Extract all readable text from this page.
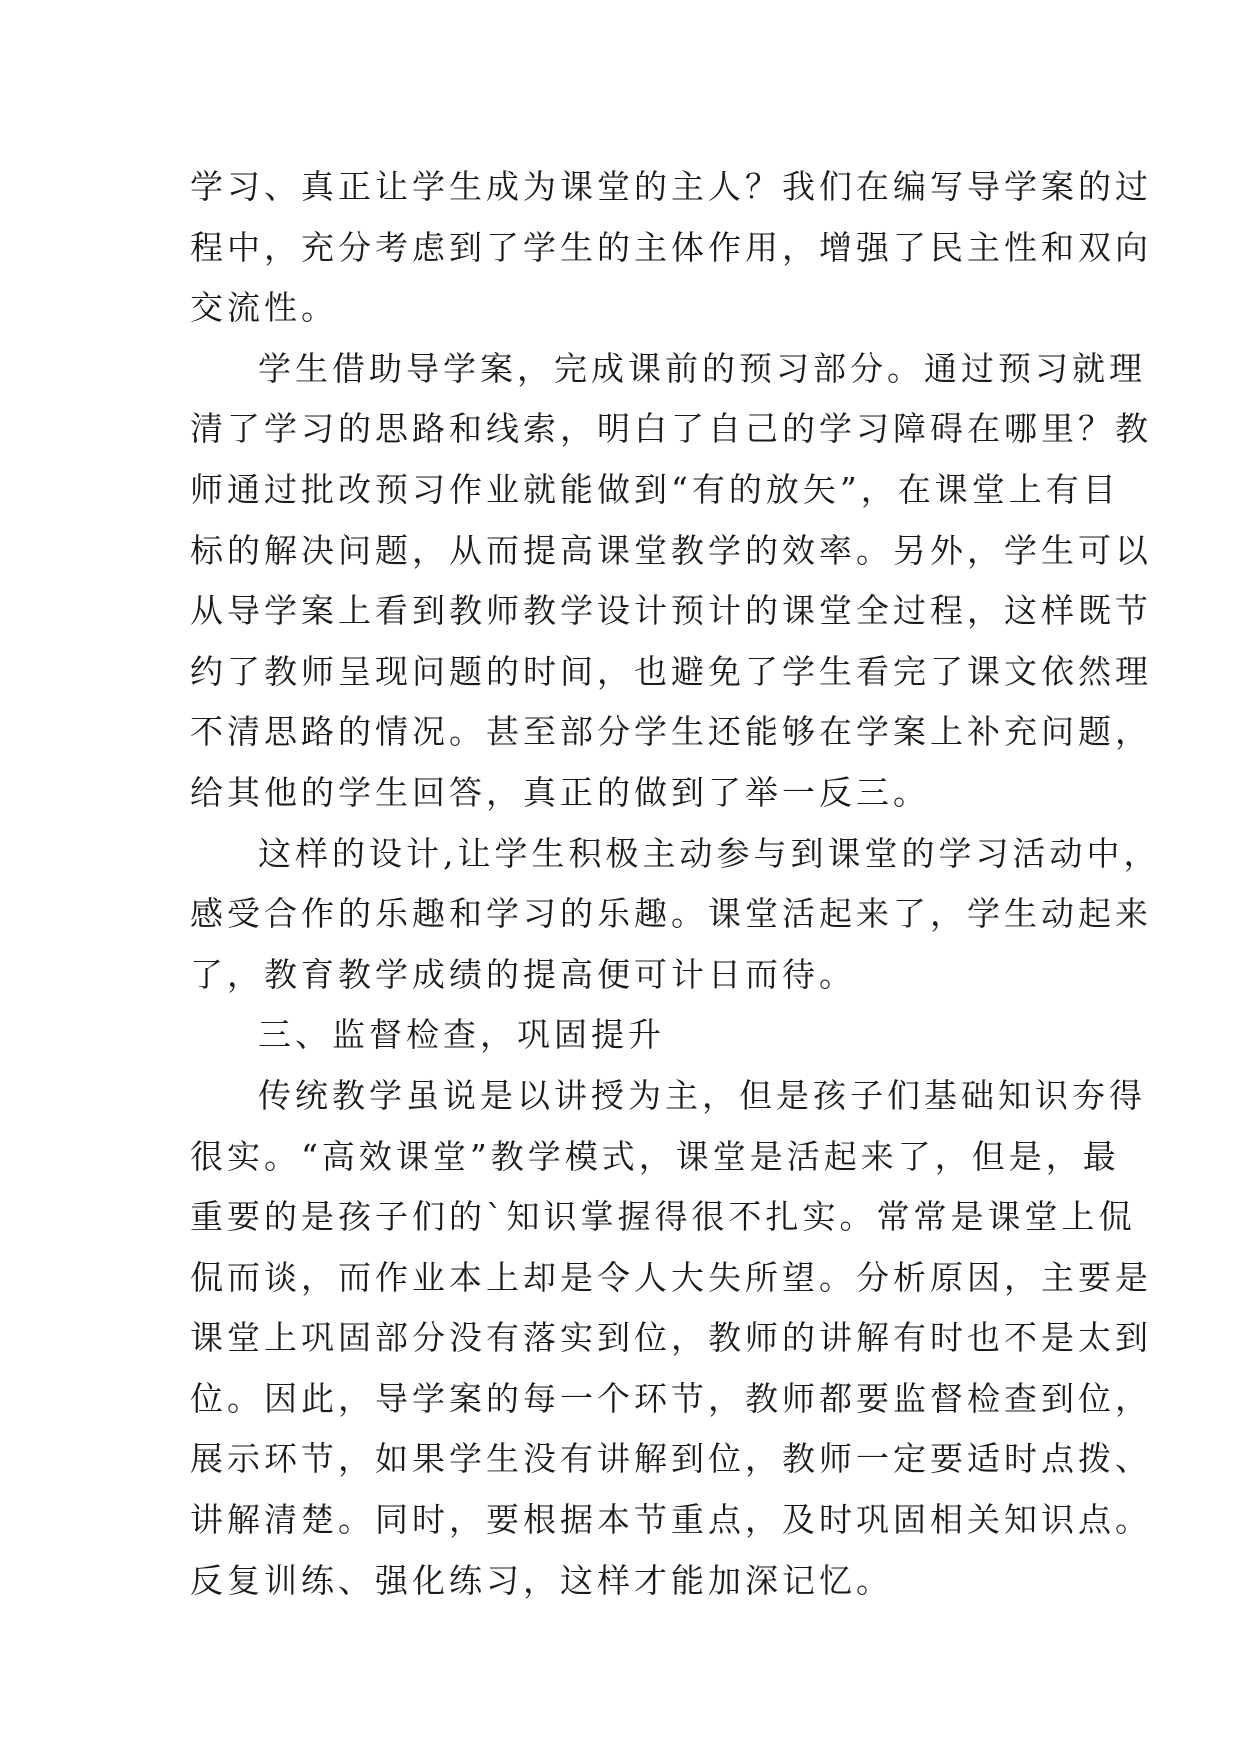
学习、真正让学生成为课堂的主人？我们在编写导学案的过
程中，充分考虑到了学生的主体作用，增强了民主性和双向
交流性。
学生借助导学案，完成课前的预习部分。通过预习就理
清了学习的思路和线索，明白了自己的学习障碍在哪里？教
师通过批改预习作业就能做到“有的放矢”，在课堂上有目
标的解决问题，从而提高课堂教学的效率。另外，学生可以
从导学案上看到教师教学设计预计的课堂全过程，这样既节
约了教师呈现问题的时间，也避免了学生看完了课文依然理
不清思路的情况。甚至部分学生还能够在学案上补充问题，
给其他的学生回答，真正的做到了举一反三。
这样的设计,让学生积极主动参与到课堂的学习活动中，
感受合作的乐趣和学习的乐趣。课堂活起来了，学生动起来
了，教育教学成绩的提高便可计日而待。
三、监督检查，巩固提升
传统教学虽说是以讲授为主，但是孩子们基础知识夯得
很实。“高效课堂”教学模式，课堂是活起来了，但是，最
重要的是孩子们的`知识掌握得很不扎实。常常是课堂上侃
侃而谈，而作业本上却是令人大失所望。分析原因，主要是
课堂上巩固部分没有落实到位，教师的讲解有时也不是太到
位。因此，导学案的每一个环节，教师都要监督检查到位，
展示环节，如果学生没有讲解到位，教师一定要适时点拨、
讲解清楚。同时，要根据本节重点，及时巩固相关知识点。
反复训练、强化练习，这样才能加深记忆。
